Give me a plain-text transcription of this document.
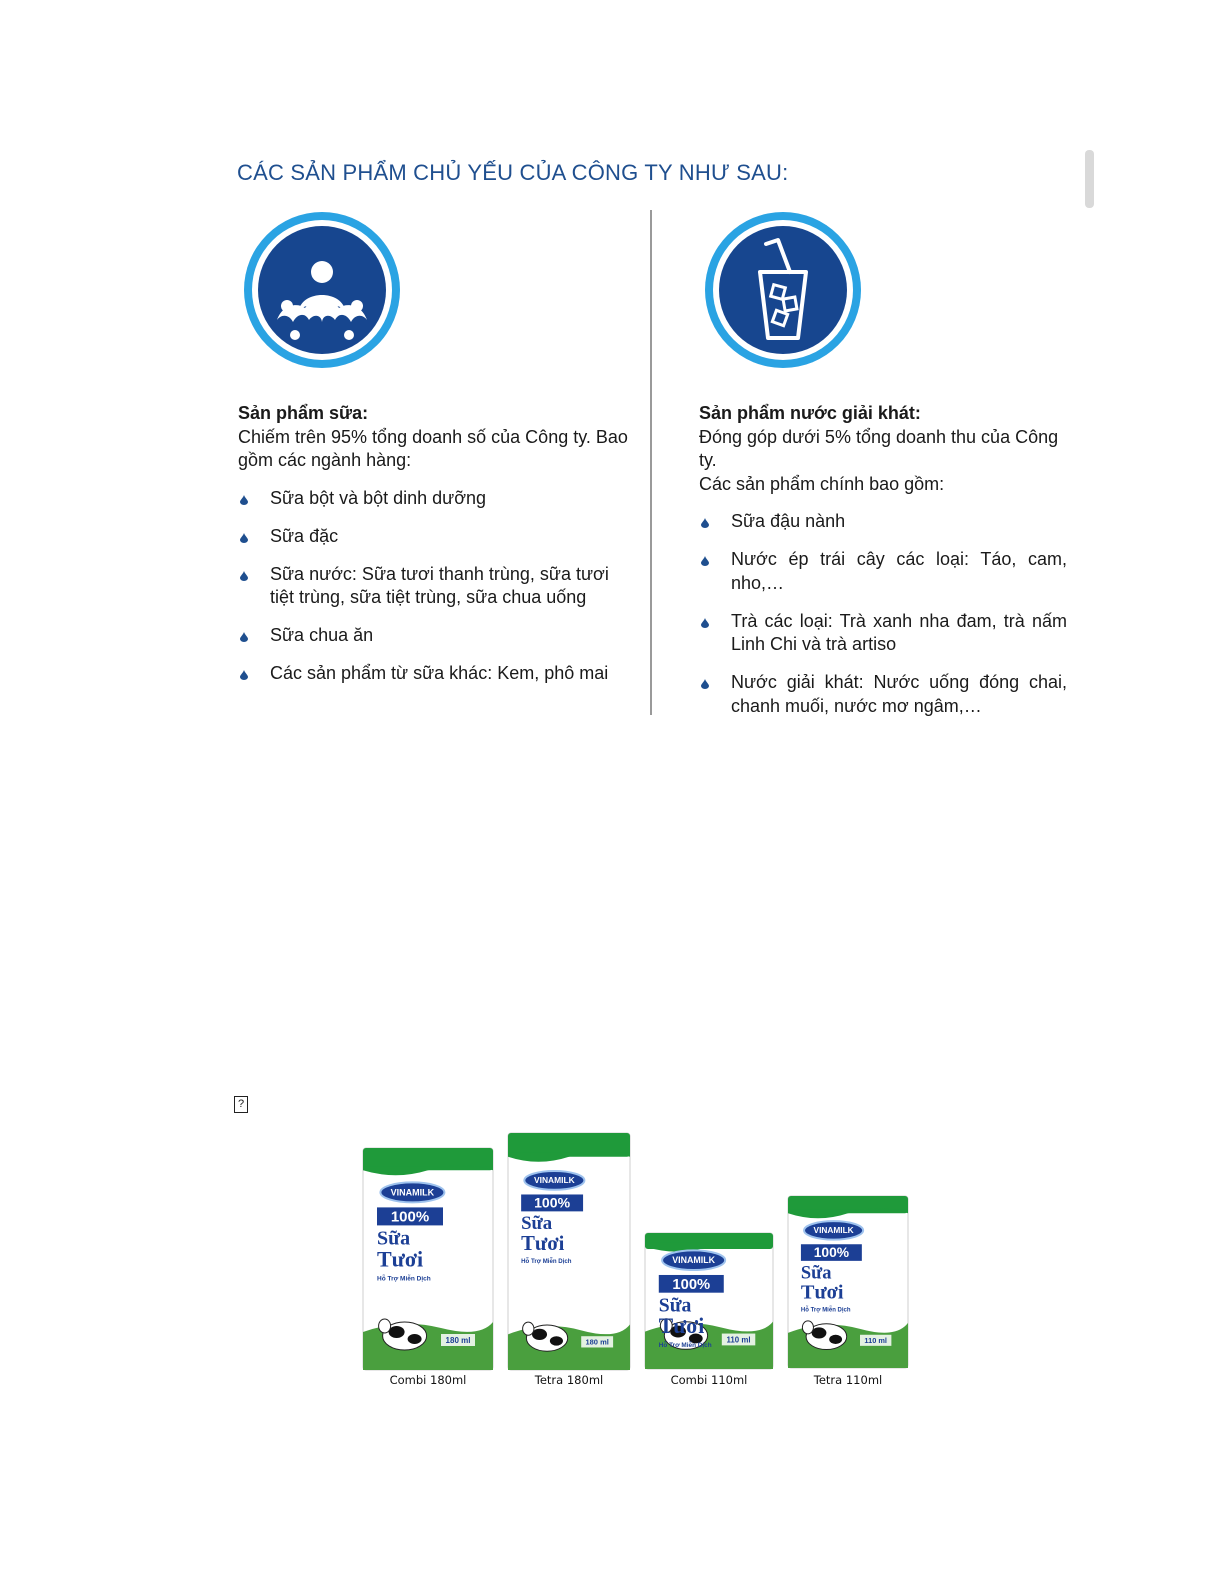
CÁC SẢN PHẨM CHỦ YẾU CỦA CÔNG TY NHƯ SAU:

Sản phẩm sữa:

Chiếm trên 95% tổng doanh số của Công ty. Bao gồm các ngành hàng:

Sữa bột và bột dinh dưỡng
Sữa đặc
Sữa nước: Sữa tươi thanh trùng, sữa tươi tiệt trùng, sữa tiệt trùng, sữa chua uống
Sữa chua ăn
Các sản phẩm từ sữa khác: Kem, phô mai

Sản phẩm nước giải khát:

Đóng góp dưới 5% tổng doanh thu của Công ty.

Các sản phẩm chính bao gồm:

Sữa đậu nành
Nước ép trái cây các loại: Táo, cam, nho,…
Trà các loại: Trà xanh nha đam, trà nấm Linh Chi và trà artiso
Nước giải khát: Nước uống đóng chai, chanh muối, nước mơ ngâm,…
?
VINAMILK
100%
Sữa
Tươi
Hỗ Trợ Miễn Dịch
180 ml
Combi 180ml
VINAMILK
100%
Sữa
Tươi
Hỗ Trợ Miễn Dịch
180 ml
Tetra 180ml
VINAMILK
100%
Sữa
Tươi
Hỗ Trợ Miễn Dịch
110 ml
Combi 110ml
VINAMILK
100%
Sữa
Tươi
Hỗ Trợ Miễn Dịch
110 ml
Tetra 110ml
